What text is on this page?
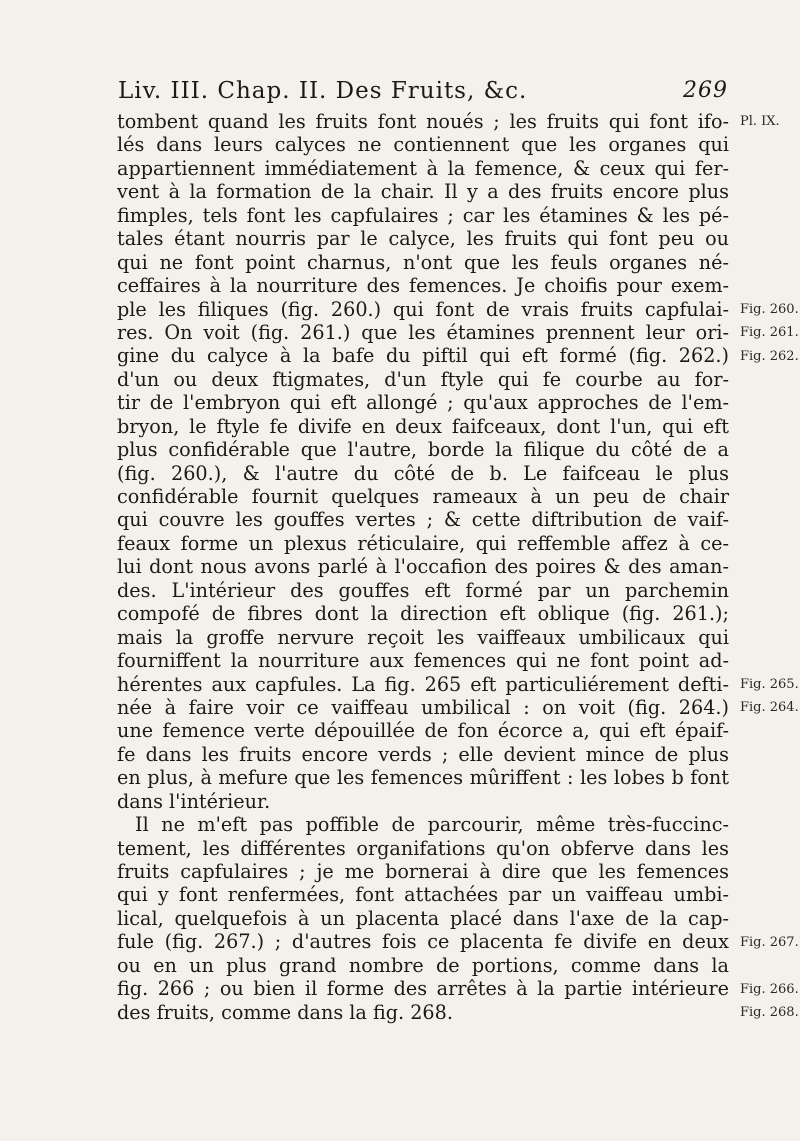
Liv. III. Chap. II. Des Fruits, &c.	269
tombent quand les fruits font noués ; les fruits qui font ifo-
lés dans leurs calyces ne contiennent que les organes qui
appartiennent immédiatement à la femence, & ceux qui fer-
vent à la formation de la chair. Il y a des fruits encore plus
fimples, tels font les capfulaires ; car les étamines & les pé-
tales étant nourris par le calyce, les fruits qui font peu ou
qui ne font point charnus, n'ont que les feuls organes né-
ceffaires à la nourriture des femences. Je choifis pour exem-
ple les filiques (fig. 260.) qui font de vrais fruits capfulai-
res. On voit (fig. 261.) que les étamines prennent leur ori-
gine du calyce à la bafe du piftil qui eft formé (fig. 262.)
d'un ou deux ftigmates, d'un ftyle qui fe courbe au for-
tir de l'embryon qui eft allongé ; qu'aux approches de l'em-
bryon, le ftyle fe divife en deux faifceaux, dont l'un, qui eft
plus confidérable que l'autre, borde la filique du côté de a
(fig. 260.), & l'autre du côté de b. Le faifceau le plus
confidérable fournit quelques rameaux à un peu de chair
qui couvre les gouffes vertes ; & cette diftribution de vaif-
feaux forme un plexus réticulaire, qui reffemble affez à ce-
lui dont nous avons parlé à l'occafion des poires & des aman-
des. L'intérieur des gouffes eft formé par un parchemin
compofé de fibres dont la direction eft oblique (fig. 261.);
mais la groffe nervure reçoit les vaiffeaux umbilicaux qui
fourniffent la nourriture aux femences qui ne font point ad-
hérentes aux capfules. La fig. 265 eft particuliérement defti-
née à faire voir ce vaiffeau umbilical : on voit (fig. 264.)
une femence verte dépouillée de fon écorce a, qui eft épaif-
fe dans les fruits encore verds ; elle devient mince de plus
en plus, à mefure que les femences mûriffent : les lobes b font
dans l'intérieur.
Il ne m'eft pas poffible de parcourir, même très-fuccinc-
tement, les différentes organifations qu'on obferve dans les
fruits capfulaires ; je me bornerai à dire que les femences
qui y font renfermées, font attachées par un vaiffeau umbi-
lical, quelquefois à un placenta placé dans l'axe de la cap-
fule (fig. 267.) ; d'autres fois ce placenta fe divife en deux
ou en un plus grand nombre de portions, comme dans la
fig. 266 ; ou bien il forme des arrêtes à la partie intérieure
des fruits, comme dans la fig. 268.
Pl. IX.
Fig. 260.
Fig. 261.
Fig. 262.
Fig. 265.
Fig. 264.
Fig. 267.
Fig. 266.
Fig. 268.
